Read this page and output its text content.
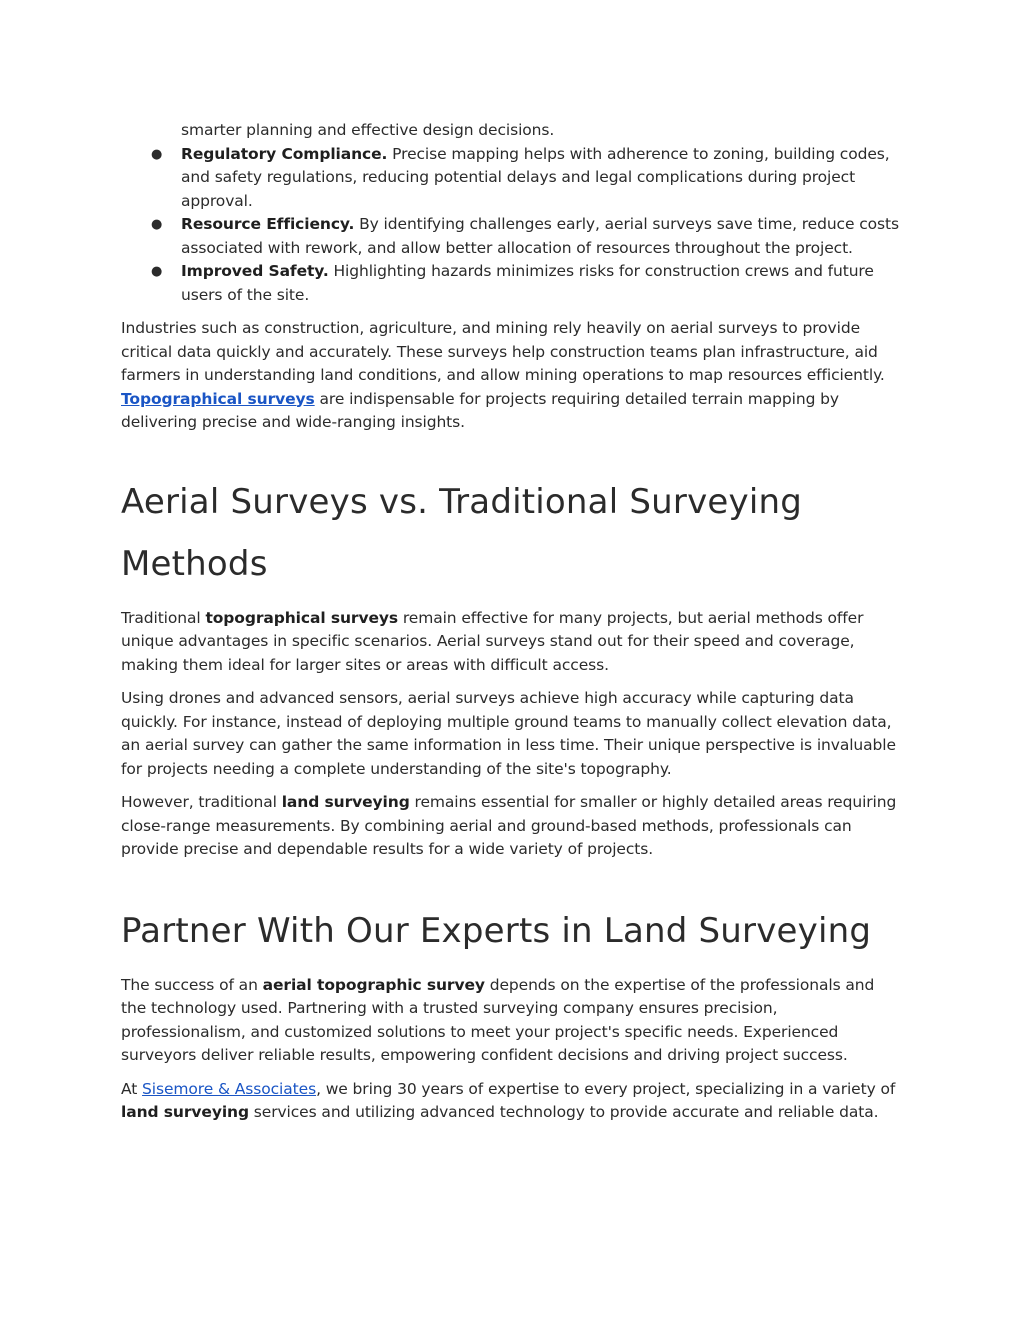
smarter planning and effective design decisions.

● Regulatory Compliance. Precise mapping helps with adherence to zoning, building codes, and safety regulations, reducing potential delays and legal complications during project approval.
● Resource Efficiency. By identifying challenges early, aerial surveys save time, reduce costs associated with rework, and allow better allocation of resources throughout the project.
● Improved Safety. Highlighting hazards minimizes risks for construction crews and future users of the site.

Industries such as construction, agriculture, and mining rely heavily on aerial surveys to provide critical data quickly and accurately. These surveys help construction teams plan infrastructure, aid farmers in understanding land conditions, and allow mining operations to map resources efficiently. Topographical surveys are indispensable for projects requiring detailed terrain mapping by delivering precise and wide-ranging insights.

Aerial Surveys vs. Traditional Surveying Methods

Traditional topographical surveys remain effective for many projects, but aerial methods offer unique advantages in specific scenarios. Aerial surveys stand out for their speed and coverage, making them ideal for larger sites or areas with difficult access.

Using drones and advanced sensors, aerial surveys achieve high accuracy while capturing data quickly. For instance, instead of deploying multiple ground teams to manually collect elevation data, an aerial survey can gather the same information in less time. Their unique perspective is invaluable for projects needing a complete understanding of the site's topography.

However, traditional land surveying remains essential for smaller or highly detailed areas requiring close-range measurements. By combining aerial and ground-based methods, professionals can provide precise and dependable results for a wide variety of projects.

Partner With Our Experts in Land Surveying

The success of an aerial topographic survey depends on the expertise of the professionals and the technology used. Partnering with a trusted surveying company ensures precision, professionalism, and customized solutions to meet your project's specific needs. Experienced surveyors deliver reliable results, empowering confident decisions and driving project success.

At Sisemore & Associates, we bring 30 years of expertise to every project, specializing in a variety of land surveying services and utilizing advanced technology to provide accurate and reliable data.
